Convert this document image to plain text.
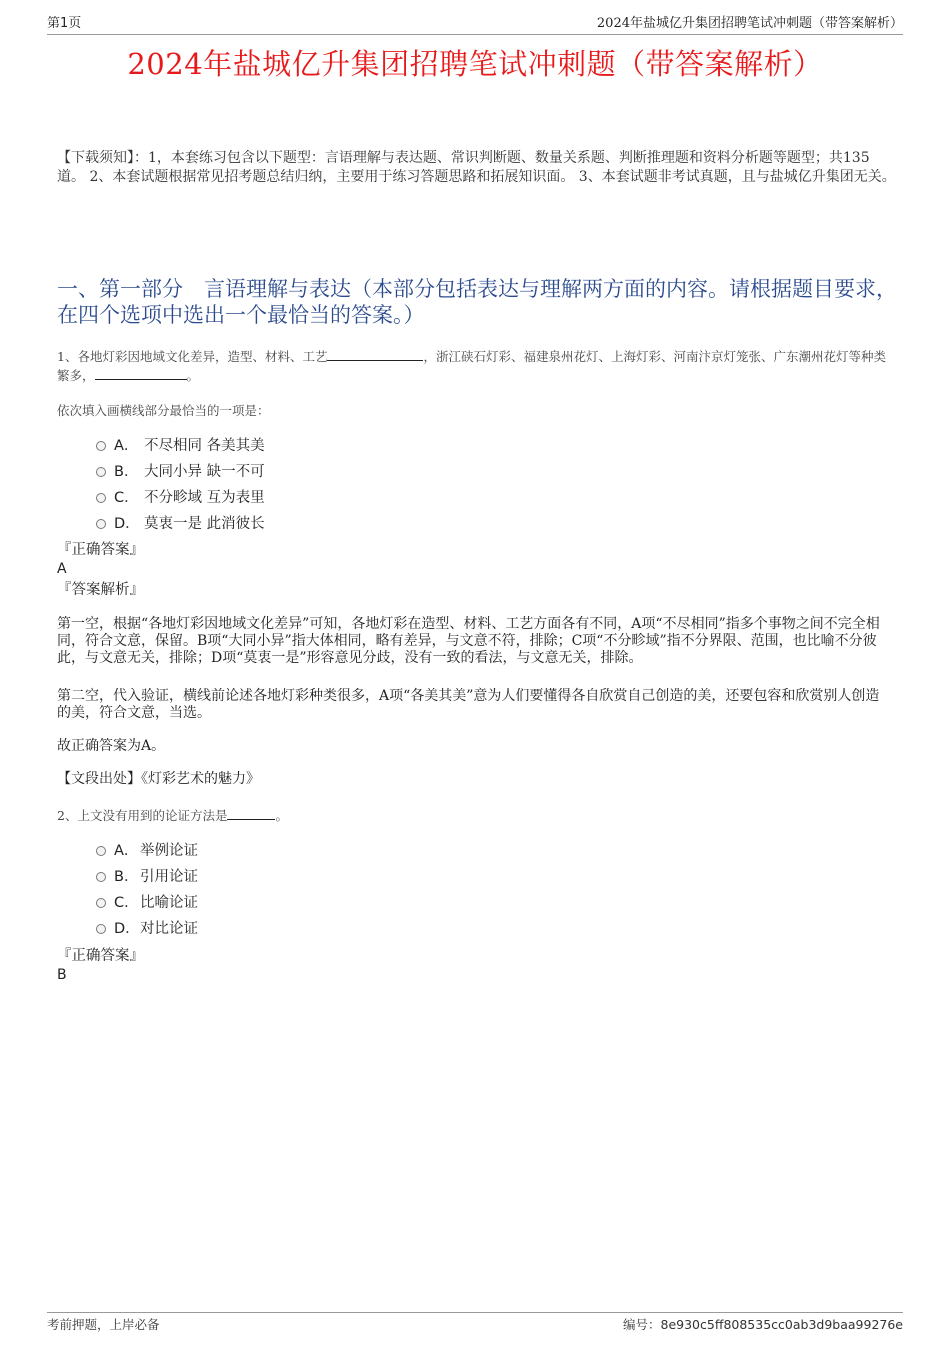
第1页	2024年盐城亿升集团招聘笔试冲刺题（带答案解析）
2024年盐城亿升集团招聘笔试冲刺题（带答案解析）
【下载须知】：1，本套练习包含以下题型：言语理解与表达题、常识判断题、数量关系题、判断推理题和资料分析题等题型；共135道。 2、本套试题根据常见招考题总结归纳，主要用于练习答题思路和拓展知识面。 3、本套试题非考试真题，且与盐城亿升集团无关。
一、第一部分　言语理解与表达（本部分包括表达与理解两方面的内容。请根据题目要求，在四个选项中选出一个最恰当的答案。）
1、各地灯彩因地域文化差异，造型、材料、工艺	，浙江硖石灯彩、福建泉州花灯、上海灯彩、河南汴京灯笼张、广东潮州花灯等种类繁多，	。
依次填入画横线部分最恰当的一项是：
A． 不尽相同 各美其美
B． 大同小异 缺一不可
C． 不分畛域 互为表里
D． 莫衷一是 此消彼长
『正确答案』
A
『答案解析』
第一空，根据“各地灯彩因地域文化差异”可知，各地灯彩在造型、材料、工艺方面各有不同，A项“不尽相同”指多个事物之间不完全相同，符合文意，保留。B项“大同小异”指大体相同，略有差异，与文意不符，排除；C项“不分畛域”指不分界限、范围，也比喻不分彼此，与文意无关，排除；D项“莫衷一是”形容意见分歧，没有一致的看法，与文意无关，排除。
第二空，代入验证，横线前论述各地灯彩种类很多，A项“各美其美”意为人们要懂得各自欣赏自己创造的美，还要包容和欣赏别人创造的美，符合文意，当选。
故正确答案为A。
【文段出处】《灯彩艺术的魅力》
2、上文没有用到的论证方法是	。
A． 举例论证
B． 引用论证
C．比喻论证
D．对比论证
『正确答案』
B
考前押题，上岸必备	编号：8e930c5ff808535cc0ab3d9baa99276e
